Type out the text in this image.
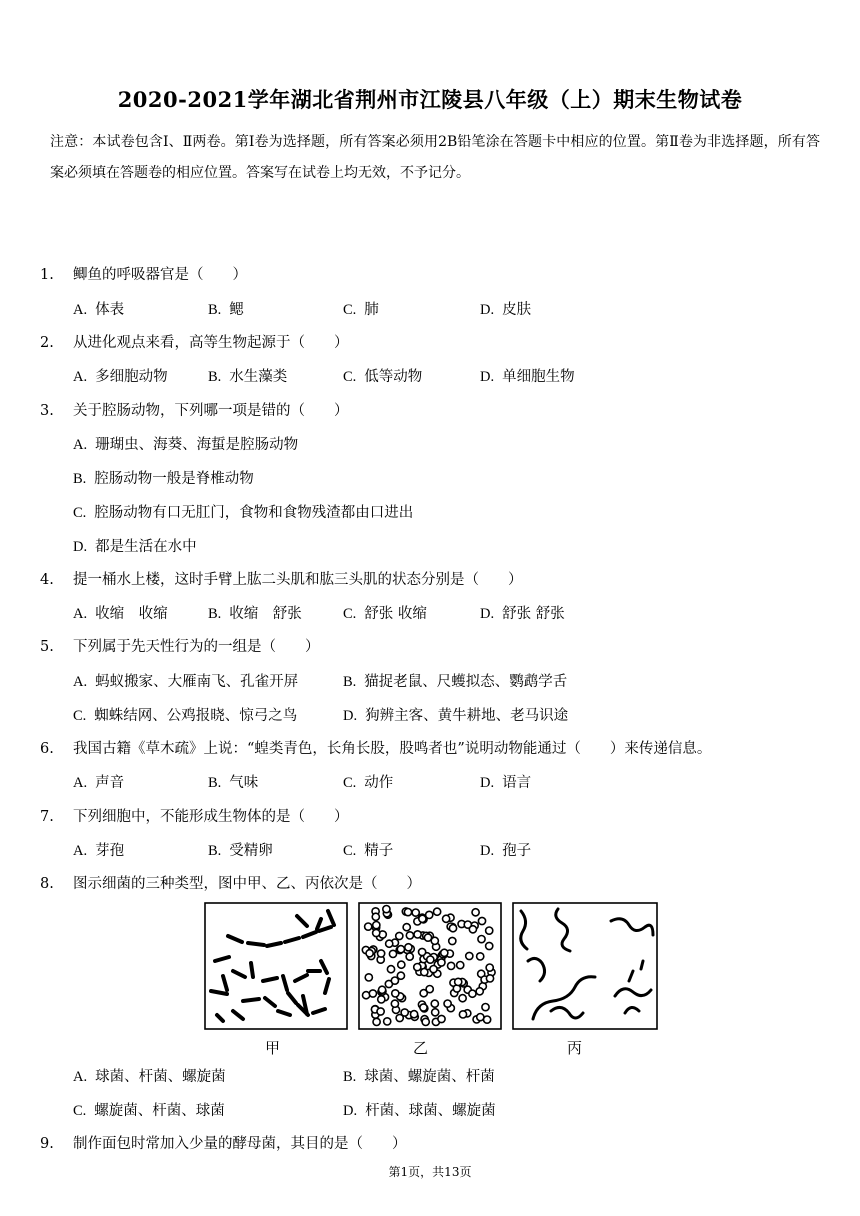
2020-2021学年湖北省荆州市江陵县八年级（上）期末生物试卷
注意：本试卷包含Ⅰ、Ⅱ两卷。第Ⅰ卷为选择题，所有答案必须用2B铅笔涂在答题卡中相应的位置。第Ⅱ卷为非选择题，所有答案必须填在答题卷的相应位置。答案写在试卷上均无效，不予记分。
1. 鲫鱼的呼吸器官是（　　）
A. 体表	B. 鳃	C. 肺	D. 皮肤
2. 从进化观点来看，高等生物起源于（　　）
A. 多细胞动物	B. 水生藻类	C. 低等动物	D. 单细胞生物
3. 关于腔肠动物，下列哪一项是错的（　　）
A. 珊瑚虫、海葵、海蜇是腔肠动物
B. 腔肠动物一般是脊椎动物
C. 腔肠动物有口无肛门，食物和食物残渣都由口进出
D. 都是生活在水中
4. 提一桶水上楼，这时手臂上肱二头肌和肱三头肌的状态分别是（　　）
A. 收缩　收缩	B. 收缩　舒张	C. 舒张 收缩	D. 舒张 舒张
5. 下列属于先天性行为的一组是（　　）
A. 蚂蚁搬家、大雁南飞、孔雀开屏	B. 猫捉老鼠、尺蠖拟态、鹦鹉学舌
C. 蜘蛛结网、公鸡报晓、惊弓之鸟	D. 狗辨主客、黄牛耕地、老马识途
6. 我国古籍《草木疏》上说：“蝗类青色，长角长股，股鸣者也”说明动物能通过（　　）来传递信息。
A. 声音	B. 气味	C. 动作	D. 语言
7. 下列细胞中，不能形成生物体的是（　　）
A. 芽孢	B. 受精卵	C. 精子	D. 孢子
8. 图示细菌的三种类型，图中甲、乙、丙依次是（　　）
甲	乙	丙
A. 球菌、杆菌、螺旋菌	B. 球菌、螺旋菌、杆菌
C. 螺旋菌、杆菌、球菌	D. 杆菌、球菌、螺旋菌
9. 制作面包时常加入少量的酵母菌，其目的是（　　）
第1页，共13页
